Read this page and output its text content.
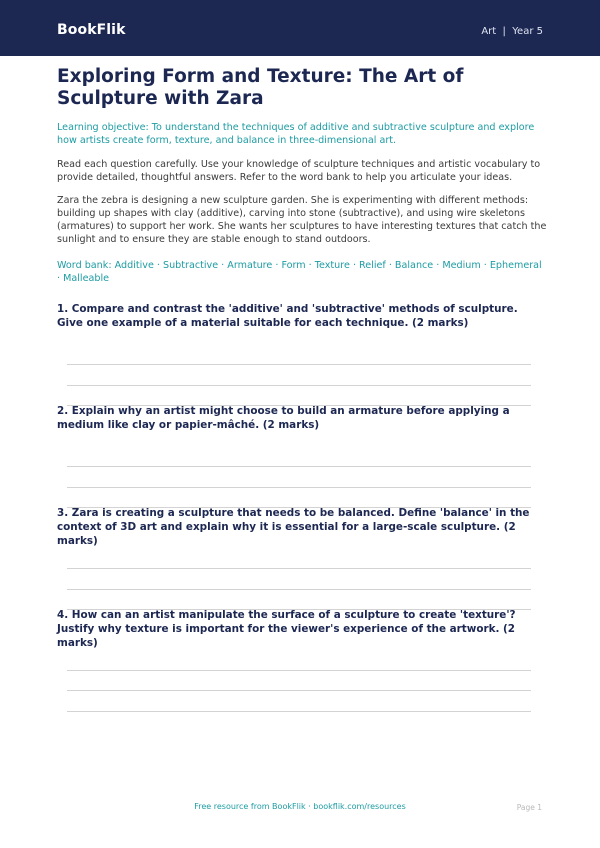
BookFlik	Art | Year 5
Exploring Form and Texture: The Art of Sculpture with Zara
Learning objective: To understand the techniques of additive and subtractive sculpture and explore how artists create form, texture, and balance in three-dimensional art.
Read each question carefully. Use your knowledge of sculpture techniques and artistic vocabulary to provide detailed, thoughtful answers. Refer to the word bank to help you articulate your ideas.
Zara the zebra is designing a new sculpture garden. She is experimenting with different methods: building up shapes with clay (additive), carving into stone (subtractive), and using wire skeletons (armatures) to support her work. She wants her sculptures to have interesting textures that catch the sunlight and to ensure they are stable enough to stand outdoors.
Word bank: Additive · Subtractive · Armature · Form · Texture · Relief · Balance · Medium · Ephemeral · Malleable
1. Compare and contrast the 'additive' and 'subtractive' methods of sculpture. Give one example of a material suitable for each technique. (2 marks)
2. Explain why an artist might choose to build an armature before applying a medium like clay or papier-mâché. (2 marks)
3. Zara is creating a sculpture that needs to be balanced. Define 'balance' in the context of 3D art and explain why it is essential for a large-scale sculpture. (2 marks)
4. How can an artist manipulate the surface of a sculpture to create 'texture'? Justify why texture is important for the viewer's experience of the artwork. (2 marks)
Free resource from BookFlik · bookflik.com/resources	Page 1
